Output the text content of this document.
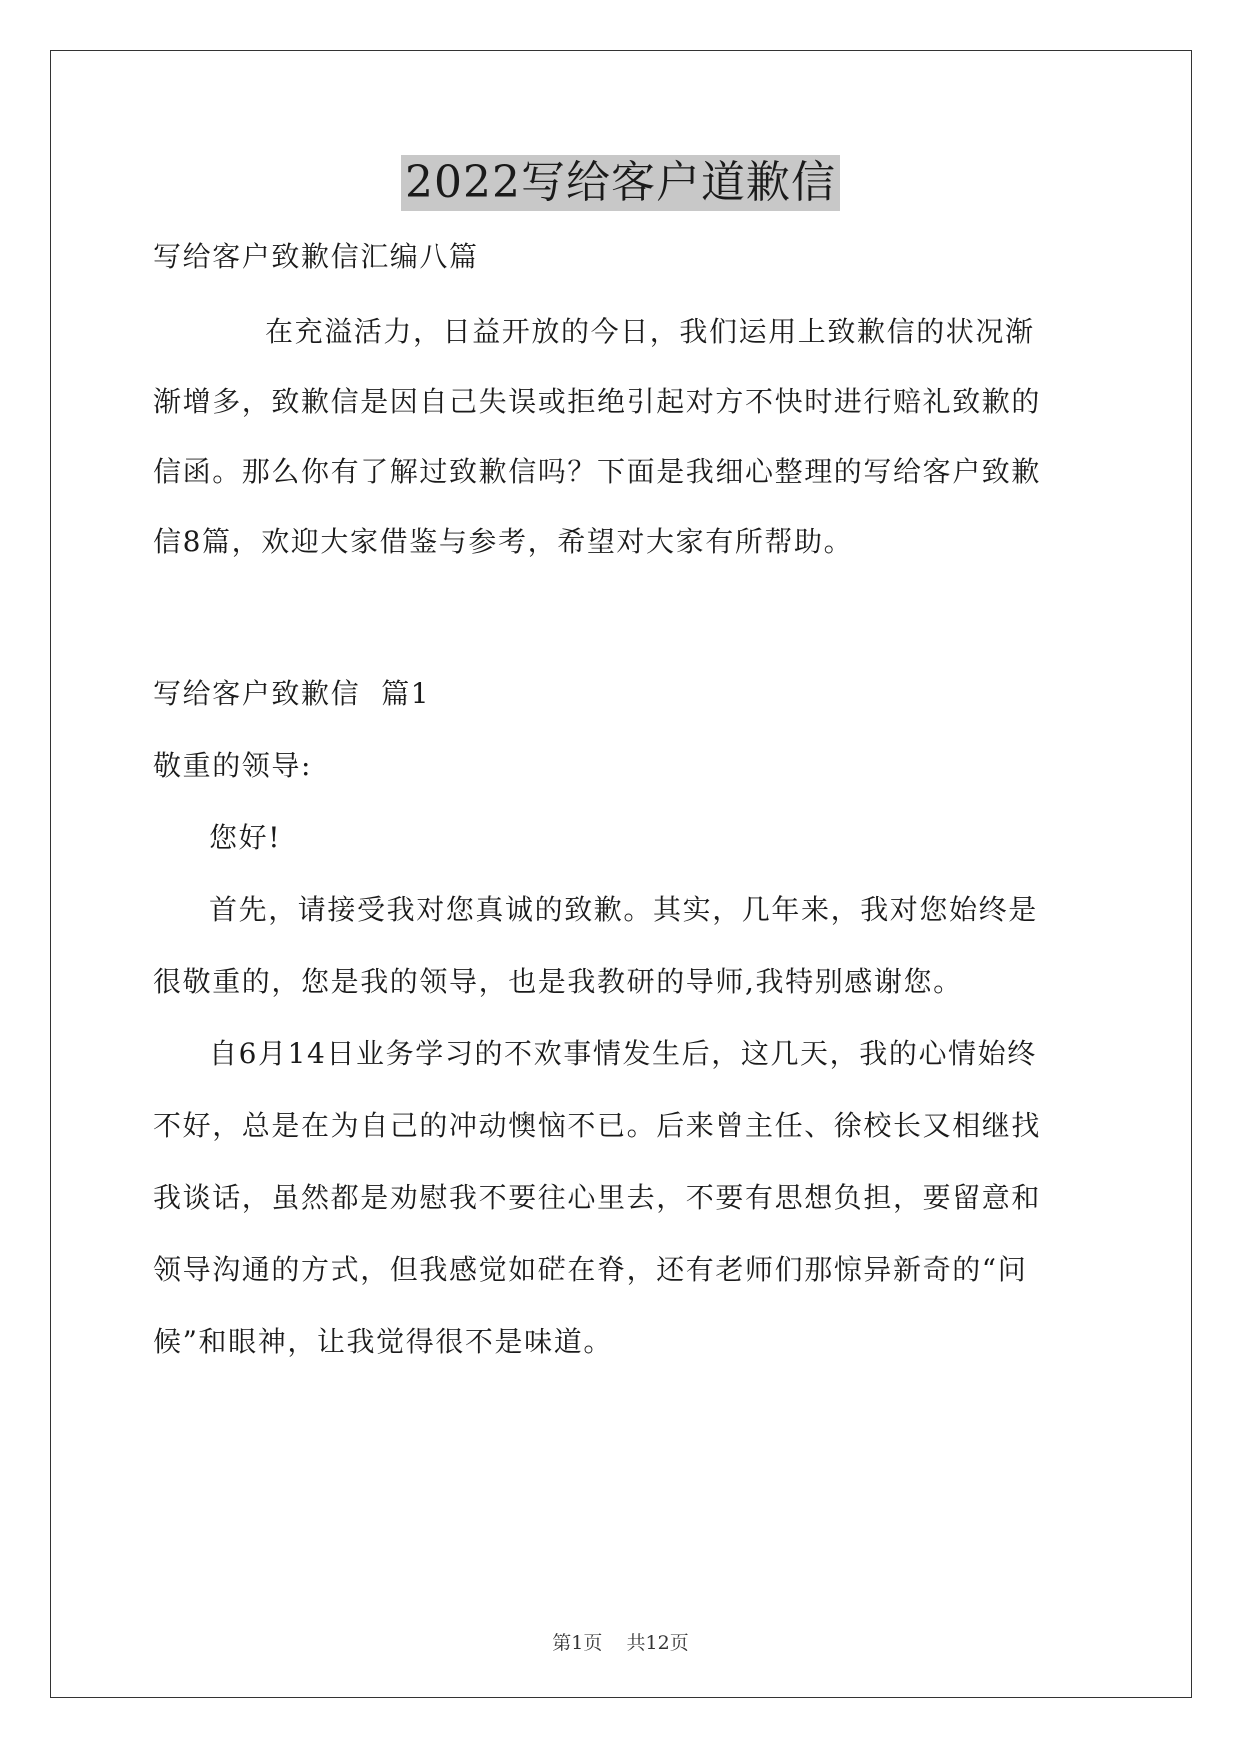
2022写给客户道歉信
写给客户致歉信汇编八篇
在充溢活力，日益开放的今日，我们运用上致歉信的状况渐
渐增多，致歉信是因自己失误或拒绝引起对方不快时进行赔礼致歉的
信函。那么你有了解过致歉信吗？下面是我细心整理的写给客户致歉
信8篇，欢迎大家借鉴与参考，希望对大家有所帮助。
写给客户致歉信  篇1
敬重的领导:
您好!
首先，请接受我对您真诚的致歉。其实，几年来，我对您始终是
很敬重的，您是我的领导，也是我教研的导师,我特别感谢您。
自6月14日业务学习的不欢事情发生后，这几天，我的心情始终
不好，总是在为自己的冲动懊恼不已。后来曾主任、徐校长又相继找
我谈话，虽然都是劝慰我不要往心里去，不要有思想负担，要留意和
领导沟通的方式，但我感觉如硭在脊，还有老师们那惊异新奇的“问
候”和眼神，让我觉得很不是味道。
第1页    共12页
